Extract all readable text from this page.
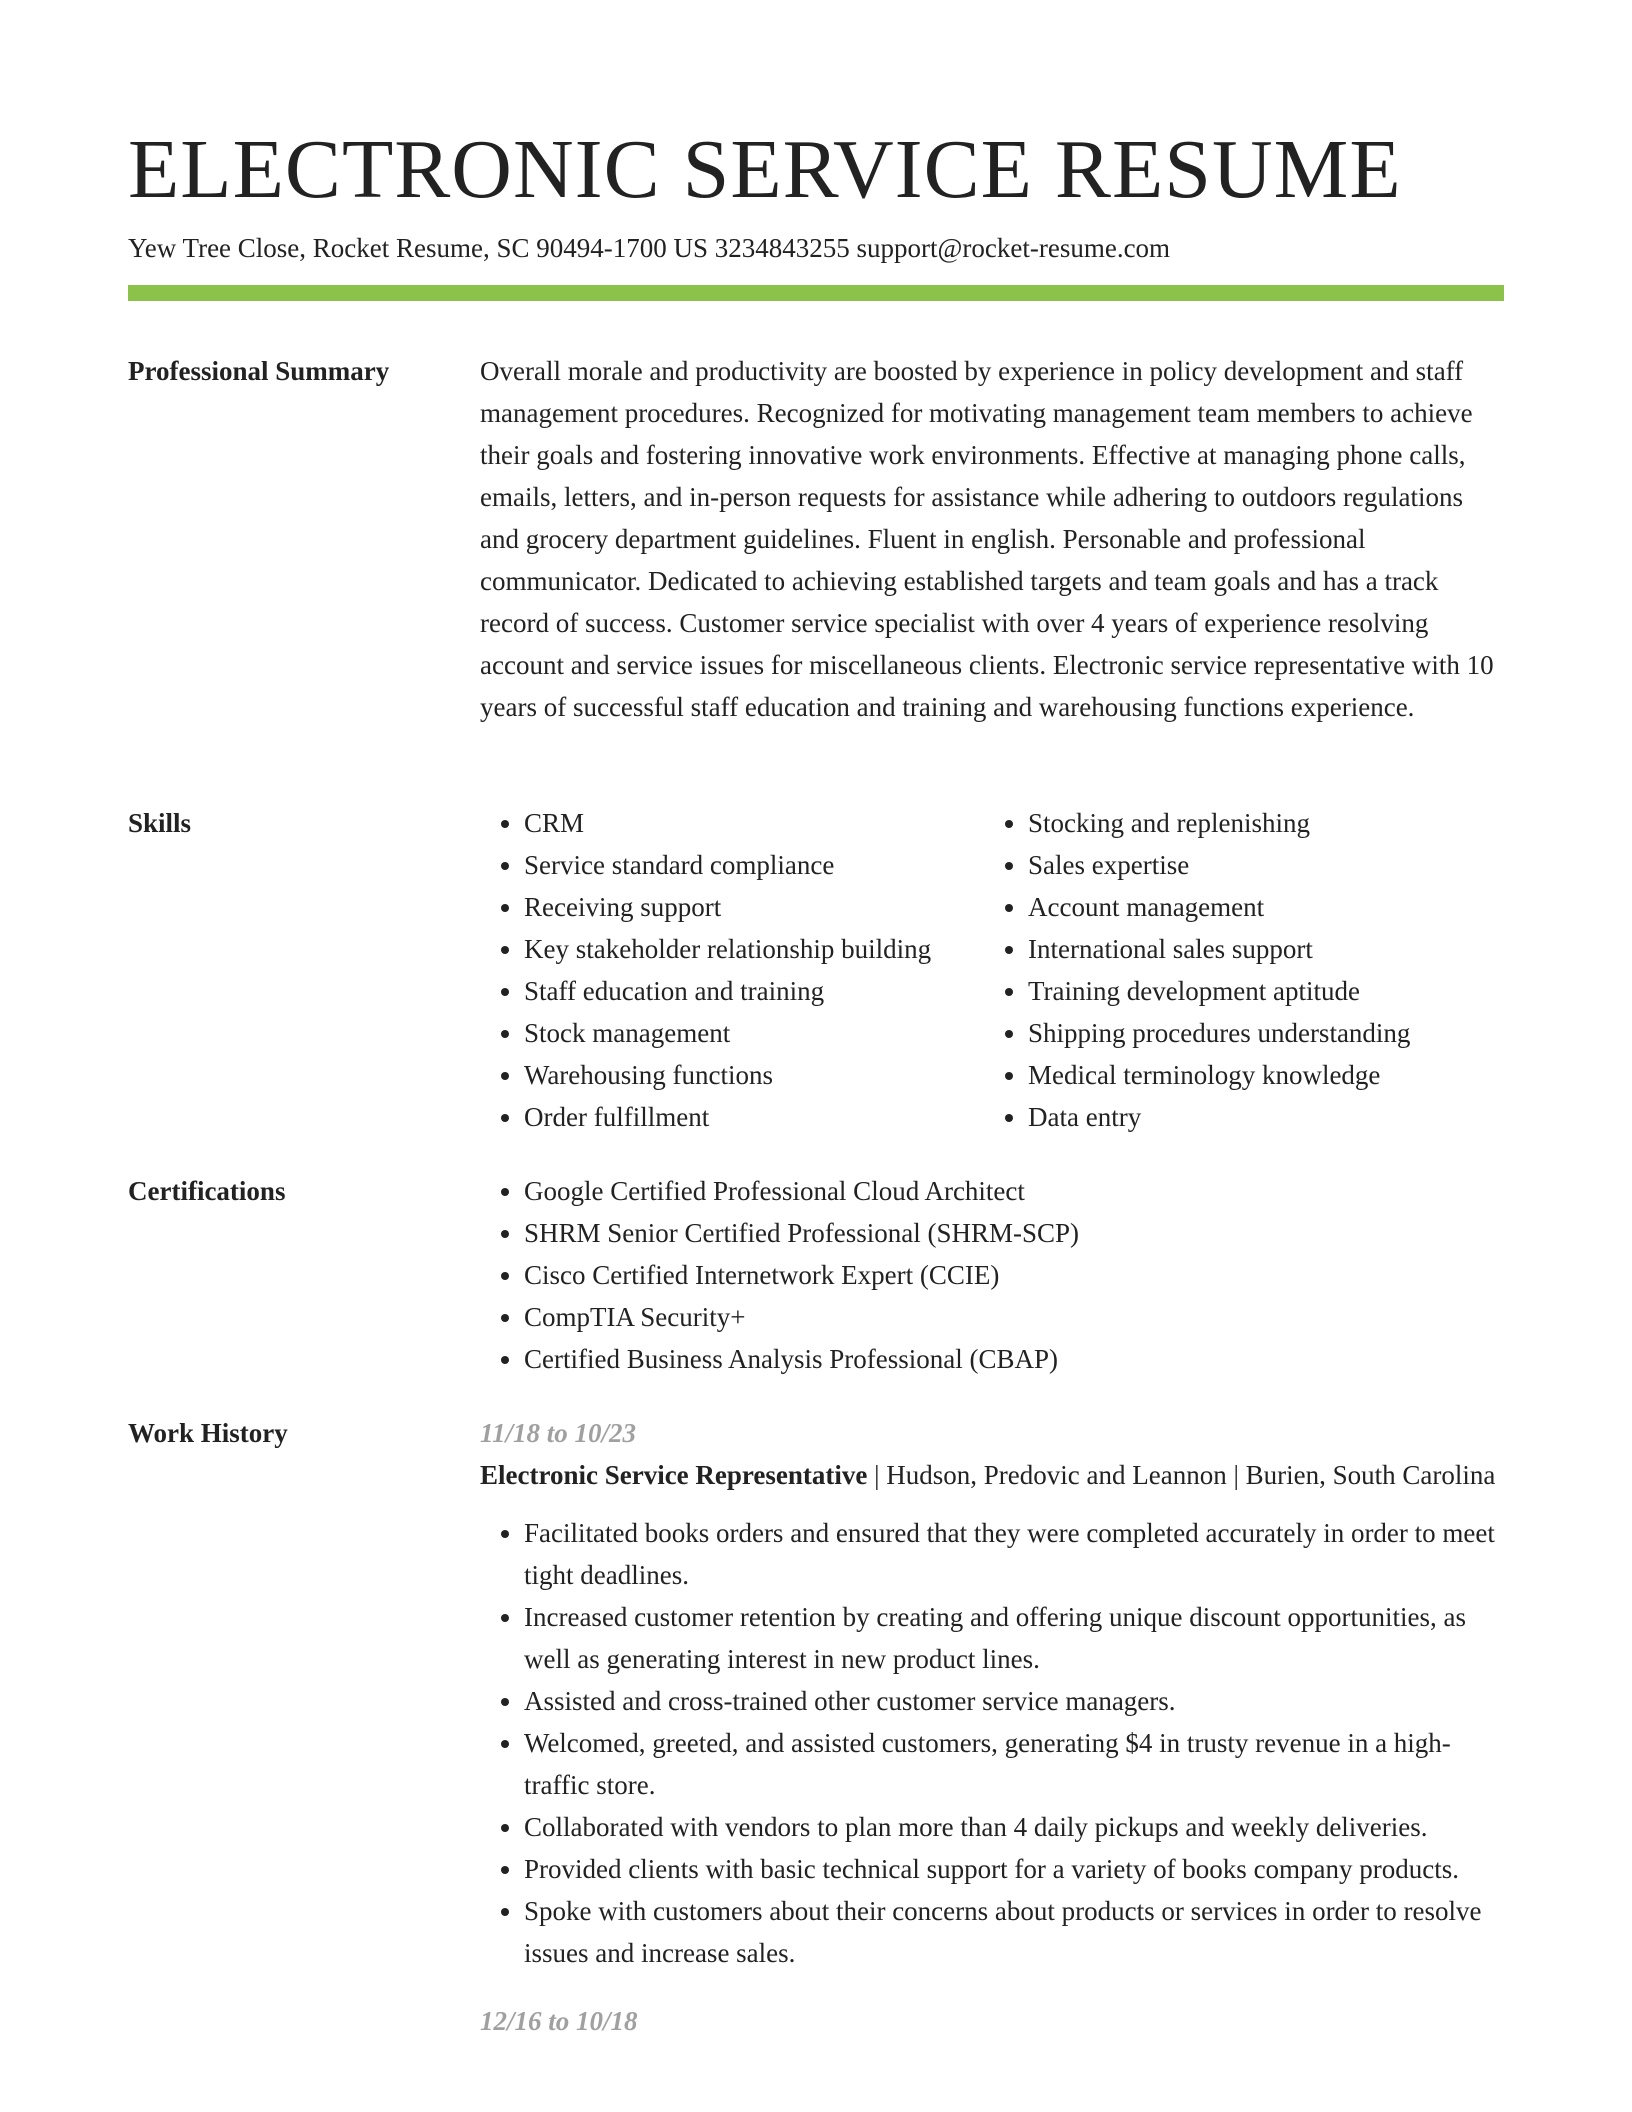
ELECTRONIC SERVICE RESUME
Yew Tree Close, Rocket Resume, SC 90494-1700 US 3234843255 support@rocket-resume.com
Professional Summary	Overall morale and productivity are boosted by experience in policy development and staff management procedures. Recognized for motivating management team members to achieve their goals and fostering innovative work environments. Effective at managing phone calls, emails, letters, and in-person requests for assistance while adhering to outdoors regulations and grocery department guidelines. Fluent in english. Personable and professional communicator. Dedicated to achieving established targets and team goals and has a track record of success. Customer service specialist with over 4 years of experience resolving account and service issues for miscellaneous clients. Electronic service representative with 10 years of successful staff education and training and warehousing functions experience.

Skills	• CRM
• Service standard compliance
• Receiving support
• Key stakeholder relationship building
• Staff education and training
• Stock management
• Warehousing functions
• Order fulfillment
• Stocking and replenishing
• Sales expertise
• Account management
• International sales support
• Training development aptitude
• Shipping procedures understanding
• Medical terminology knowledge
• Data entry
Certifications	• Google Certified Professional Cloud Architect
• SHRM Senior Certified Professional (SHRM-SCP)
• Cisco Certified Internetwork Expert (CCIE)
• CompTIA Security+
• Certified Business Analysis Professional (CBAP)
Work History	11/18 to 10/23
Electronic Service Representative | Hudson, Predovic and Leannon | Burien, South Carolina
• Facilitated books orders and ensured that they were completed accurately in order to meet tight deadlines.
• Increased customer retention by creating and offering unique discount opportunities, as well as generating interest in new product lines.
• Assisted and cross-trained other customer service managers.
• Welcomed, greeted, and assisted customers, generating $4 in trusty revenue in a high-traffic store.
• Collaborated with vendors to plan more than 4 daily pickups and weekly deliveries.
• Provided clients with basic technical support for a variety of books company products.
• Spoke with customers about their concerns about products or services in order to resolve issues and increase sales.
12/16 to 10/18
